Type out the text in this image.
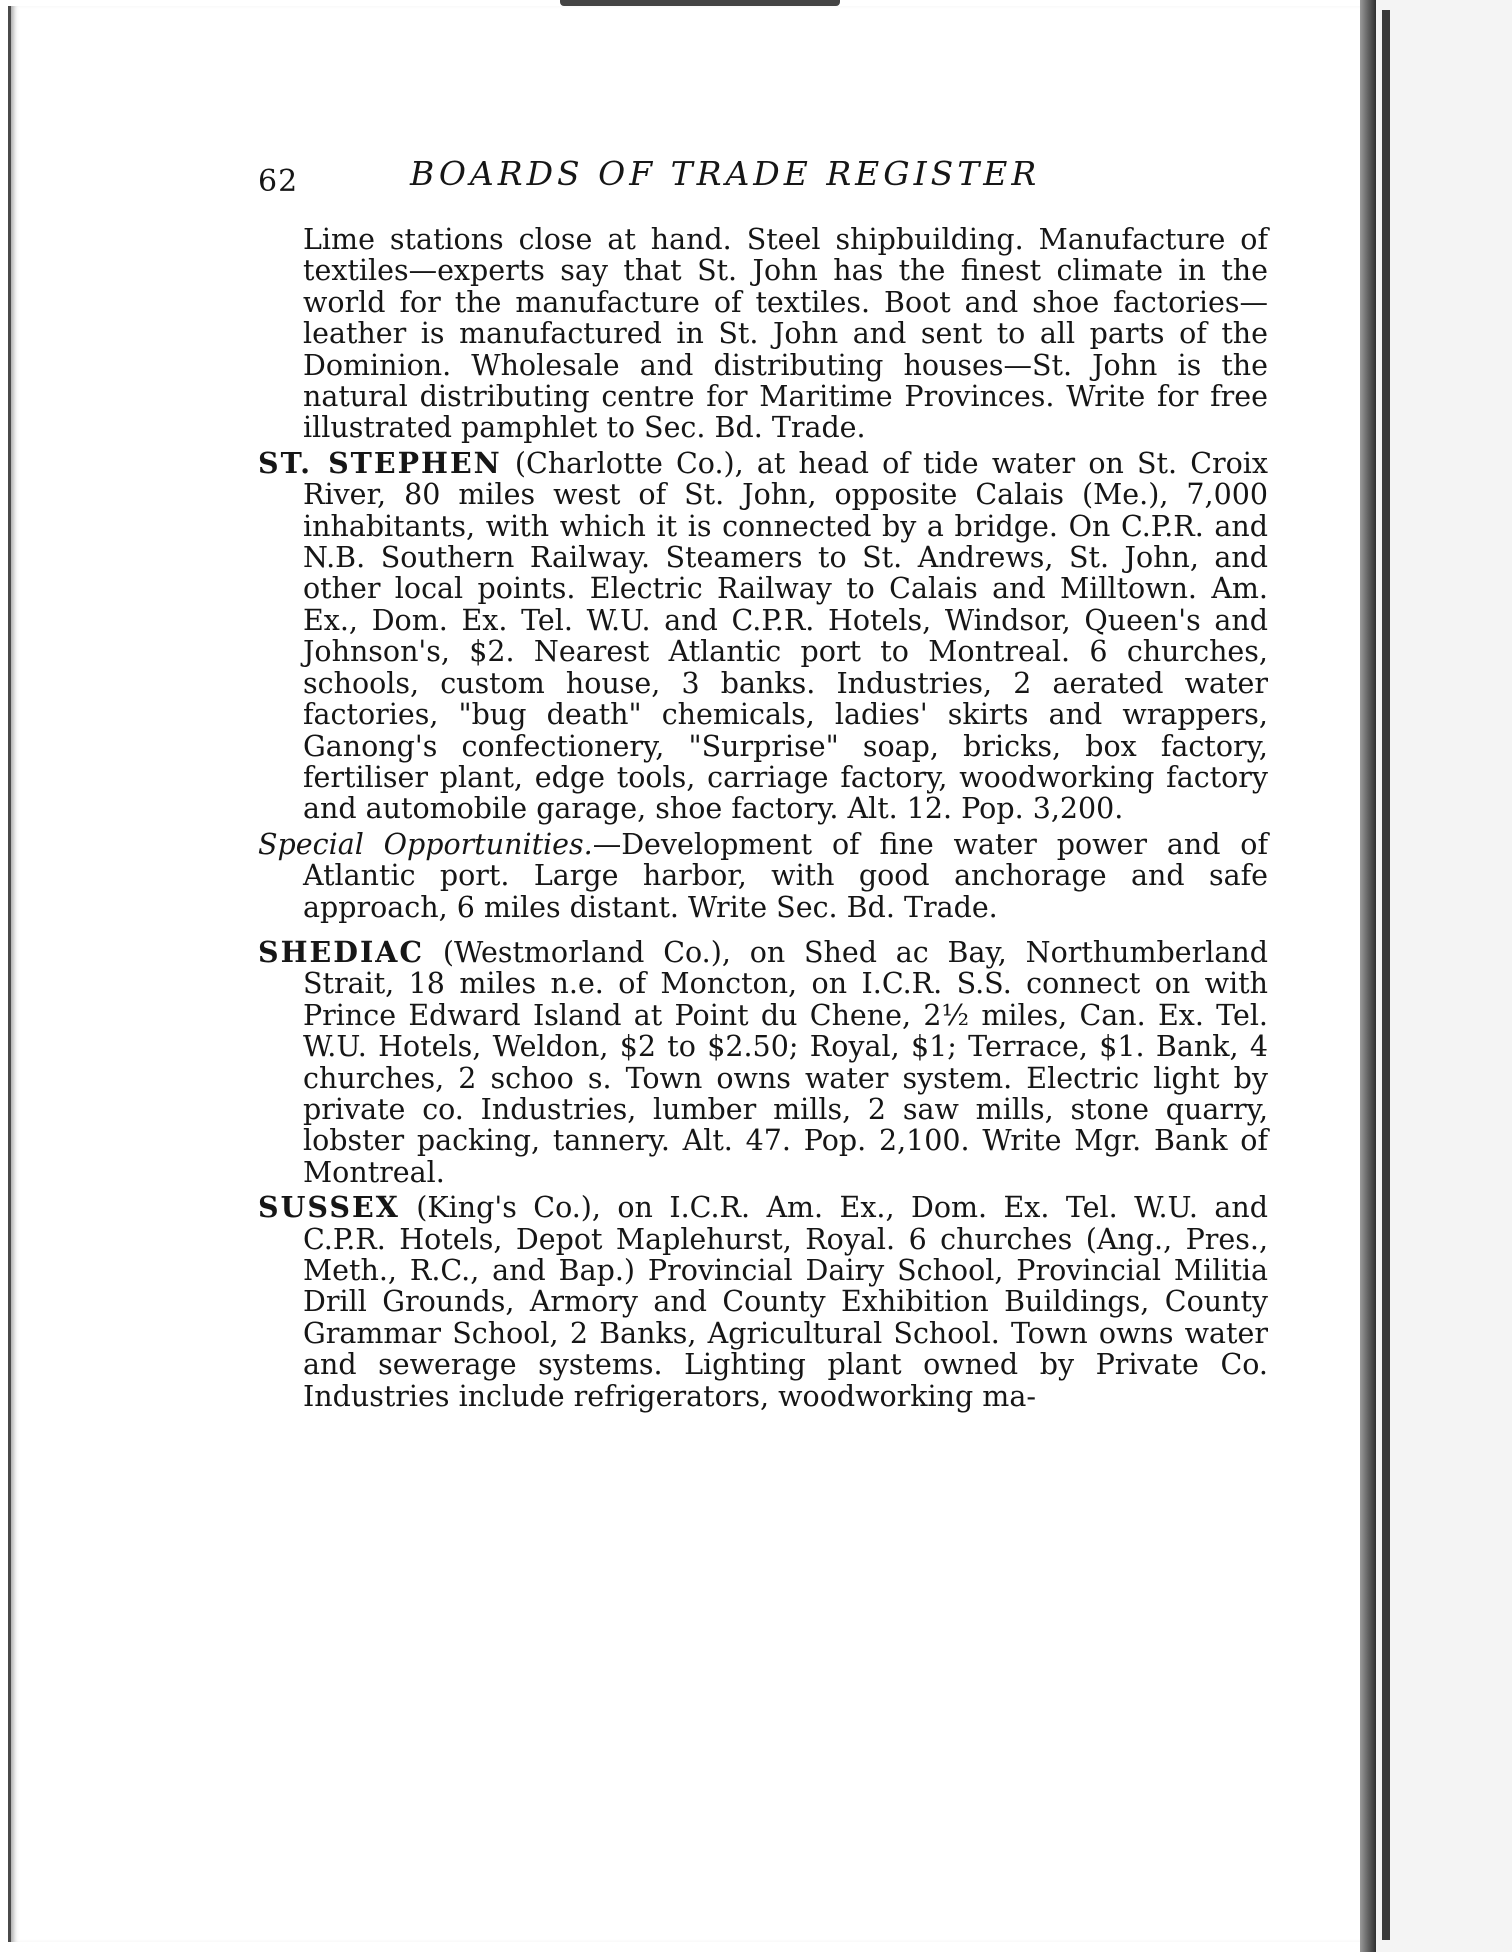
62	BOARDS OF TRADE REGISTER

Lime stations close at hand. Steel shipbuilding. Manufacture of textiles—experts say that St. John has the finest climate in the world for the manufacture of textiles. Boot and shoe factories—leather is manufactured in St. John and sent to all parts of the Dominion. Wholesale and distributing houses—St. John is the natural distributing centre for Maritime Provinces. Write for free illustrated pamphlet to Sec. Bd. Trade.

ST. STEPHEN (Charlotte Co.), at head of tide water on St. Croix River, 80 miles west of St. John, opposite Calais (Me.), 7,000 inhabitants, with which it is connected by a bridge. On C.P.R. and N.B. Southern Railway. Steamers to St. Andrews, St. John, and other local points. Electric Railway to Calais and Milltown. Am. Ex., Dom. Ex. Tel. W.U. and C.P.R. Hotels, Windsor, Queen's and Johnson's, $2. Nearest Atlantic port to Montreal. 6 churches, schools, custom house, 3 banks. Industries, 2 aerated water factories, "bug death" chemicals, ladies' skirts and wrappers, Ganong's confectionery, "Surprise" soap, bricks, box factory, fertiliser plant, edge tools, carriage factory, woodworking factory and automobile garage, shoe factory. Alt. 12. Pop. 3,200.

Special Opportunities.—Development of fine water power and of Atlantic port. Large harbor, with good anchorage and safe approach, 6 miles distant. Write Sec. Bd. Trade.

SHEDIAC (Westmorland Co.), on Shed ac Bay, Northumberland Strait, 18 miles n.e. of Moncton, on I.C.R. S.S. connect on with Prince Edward Island at Point du Chene, 2½ miles, Can. Ex. Tel. W.U. Hotels, Weldon, $2 to $2.50; Royal, $1; Terrace, $1. Bank, 4 churches, 2 schoo s. Town owns water system. Electric light by private co. Industries, lumber mills, 2 saw mills, stone quarry, lobster packing, tannery. Alt. 47. Pop. 2,100. Write Mgr. Bank of Montreal.

SUSSEX (King's Co.), on I.C.R. Am. Ex., Dom. Ex. Tel. W.U. and C.P.R. Hotels, Depot Maplehurst, Royal. 6 churches (Ang., Pres., Meth., R.C., and Bap.) Provincial Dairy School, Provincial Militia Drill Grounds, Armory and County Exhibition Buildings, County Grammar School, 2 Banks, Agricultural School. Town owns water and sewerage systems. Lighting plant owned by Private Co. Industries include refrigerators, woodworking ma-
